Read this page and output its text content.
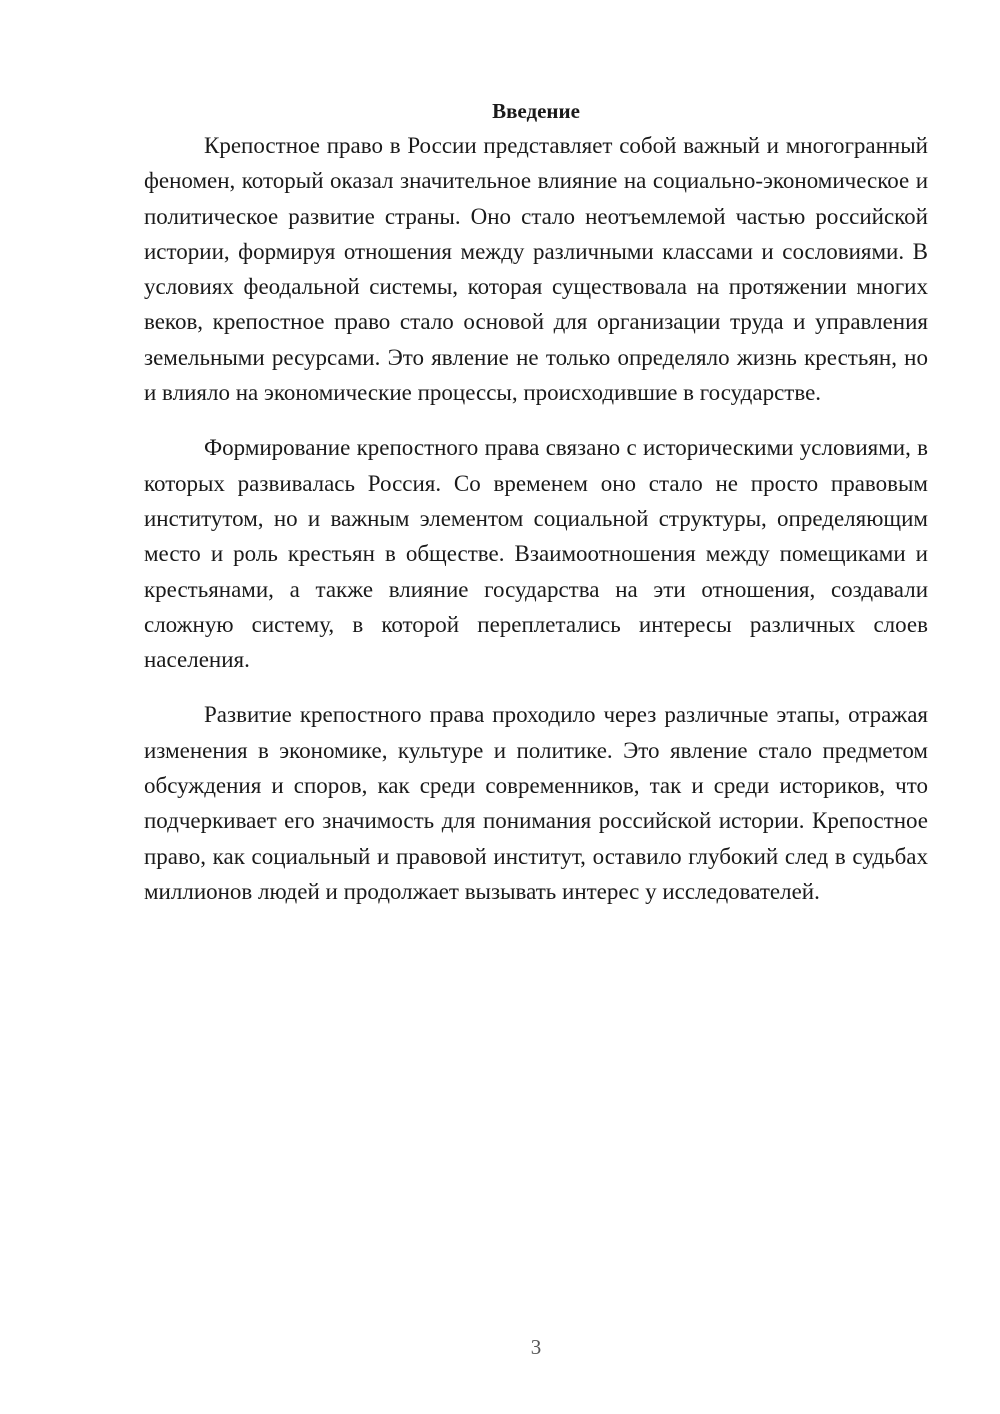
Введение

Крепостное право в России представляет собой важный и многогранный феномен, который оказал значительное влияние на социально-экономическое и политическое развитие страны. Оно стало неотъемлемой частью российской истории, формируя отношения между различными классами и сословиями. В условиях феодальной системы, которая существовала на протяжении многих веков, крепостное право стало основой для организации труда и управления земельными ресурсами. Это явление не только определяло жизнь крестьян, но и влияло на экономические процессы, происходившие в государстве.

Формирование крепостного права связано с историческими условиями, в которых развивалась Россия. Со временем оно стало не просто правовым институтом, но и важным элементом социальной структуры, определяющим место и роль крестьян в обществе. Взаимоотношения между помещиками и крестьянами, а также влияние государства на эти отношения, создавали сложную систему, в которой переплетались интересы различных слоев населения.

Развитие крепостного права проходило через различные этапы, отражая изменения в экономике, культуре и политике. Это явление стало предметом обсуждения и споров, как среди современников, так и среди историков, что подчеркивает его значимость для понимания российской истории. Крепостное право, как социальный и правовой институт, оставило глубокий след в судьбах миллионов людей и продолжает вызывать интерес у исследователей.

3
